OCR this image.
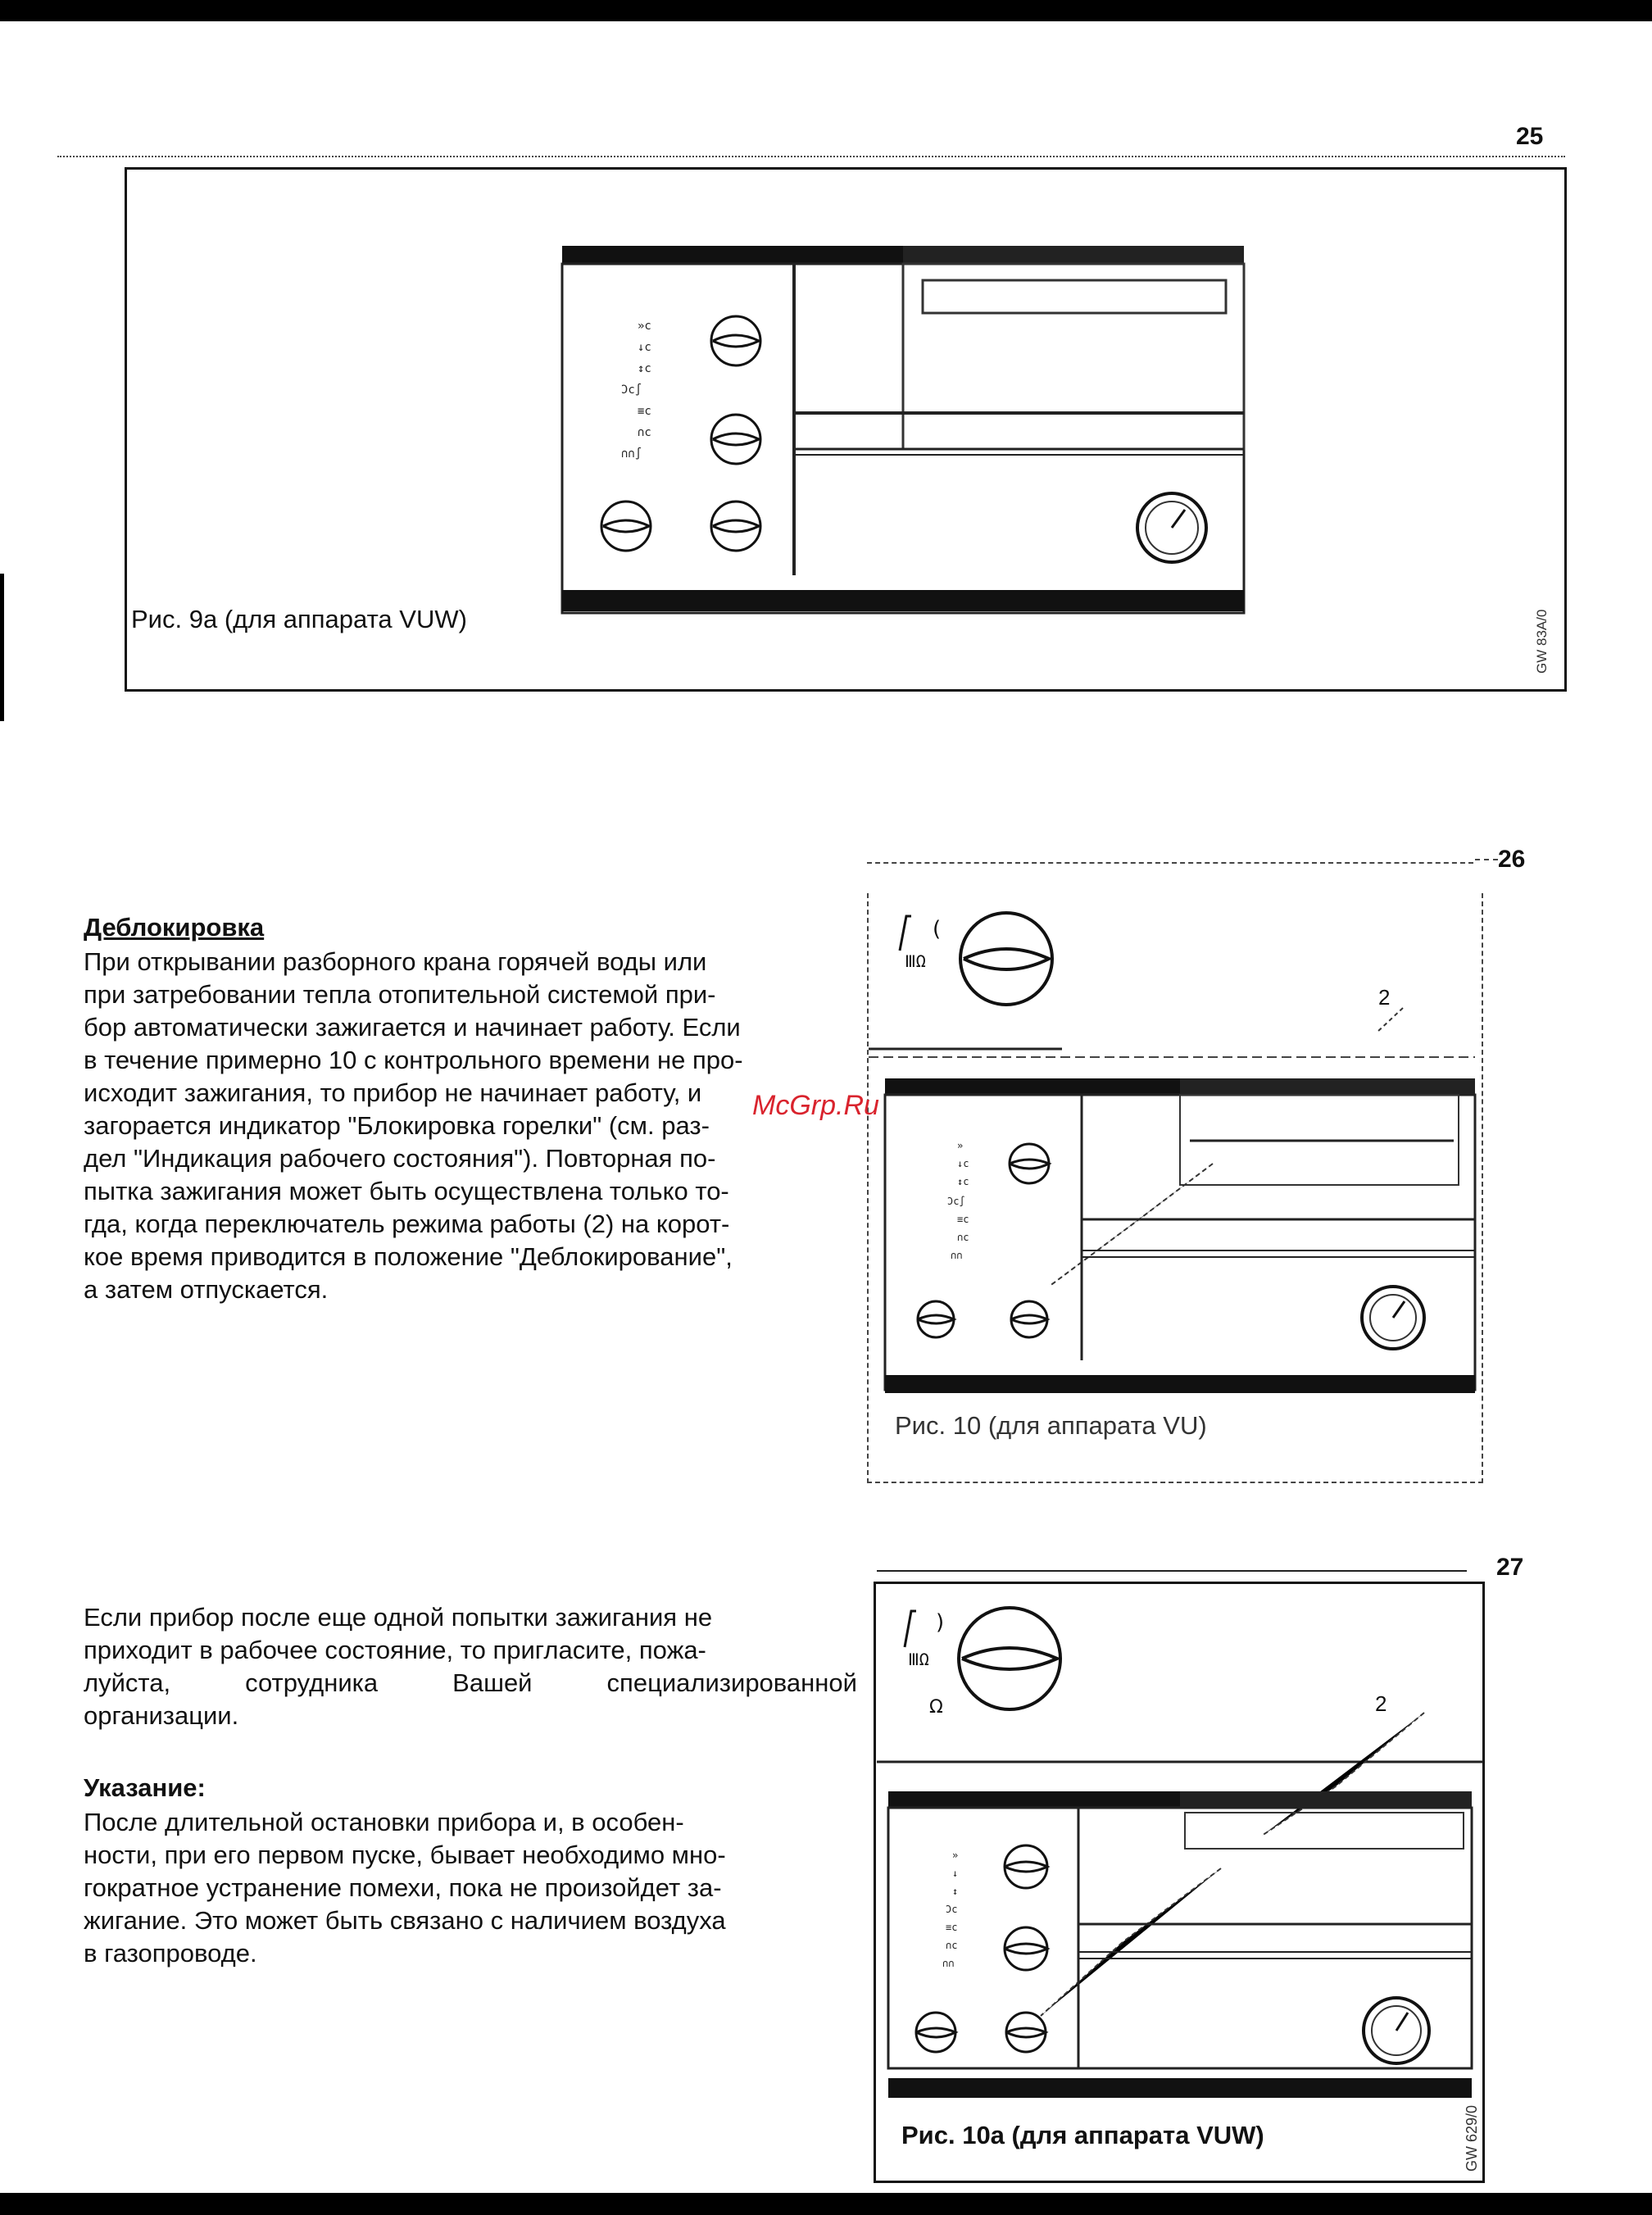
25
»c
↓c
↕c
Ɔc∫
≡c
∩c
∩∩∫
Рис. 9а (для аппарата VUW)	GW 83A/0
26
Деблокировка

При открывании разборного крана горячей воды или

при затребовании тепла отопительной системой при-

бор автоматически зажигается и начинает работу. Если

в течение примерно 10 с контрольного времени не про-

исходит зажигания, то прибор не начинает работу, и

загорается индикатор "Блокировка горелки" (см. раз-

дел "Индикация рабочего состояния"). Повторная по-

пытка зажигания может быть осуществлена только то-

гда, когда переключатель режима работы (2) на корот-

кое время приводится в положение "Деблокирование",

а затем отпускается.

(
ⅢΩ
»
↓c
↕c
Ɔc∫
≡c
∩c
∩∩
2
Рис. 10 (для аппарата VU)
McGrp.Ru
27

Если прибор после еще одной попытки зажигания не

приходит в рабочее состояние, то пригласите, пожа-

луйста,	сотрудника	Вашей	специализированной

организации.

Указание:

После длительной остановки прибора и, в особен-

ности, при его первом пуске, бывает необходимо мно-

гократное устранение помехи, пока не произойдет за-

жигание. Это может быть связано с наличием воздуха

в газопроводе.

)
ⅢΩ
Ω
»
↓
↕
Ɔc
≡c
∩c
∩∩
2
Рис. 10а (для аппарата VUW)	GW 629/0
